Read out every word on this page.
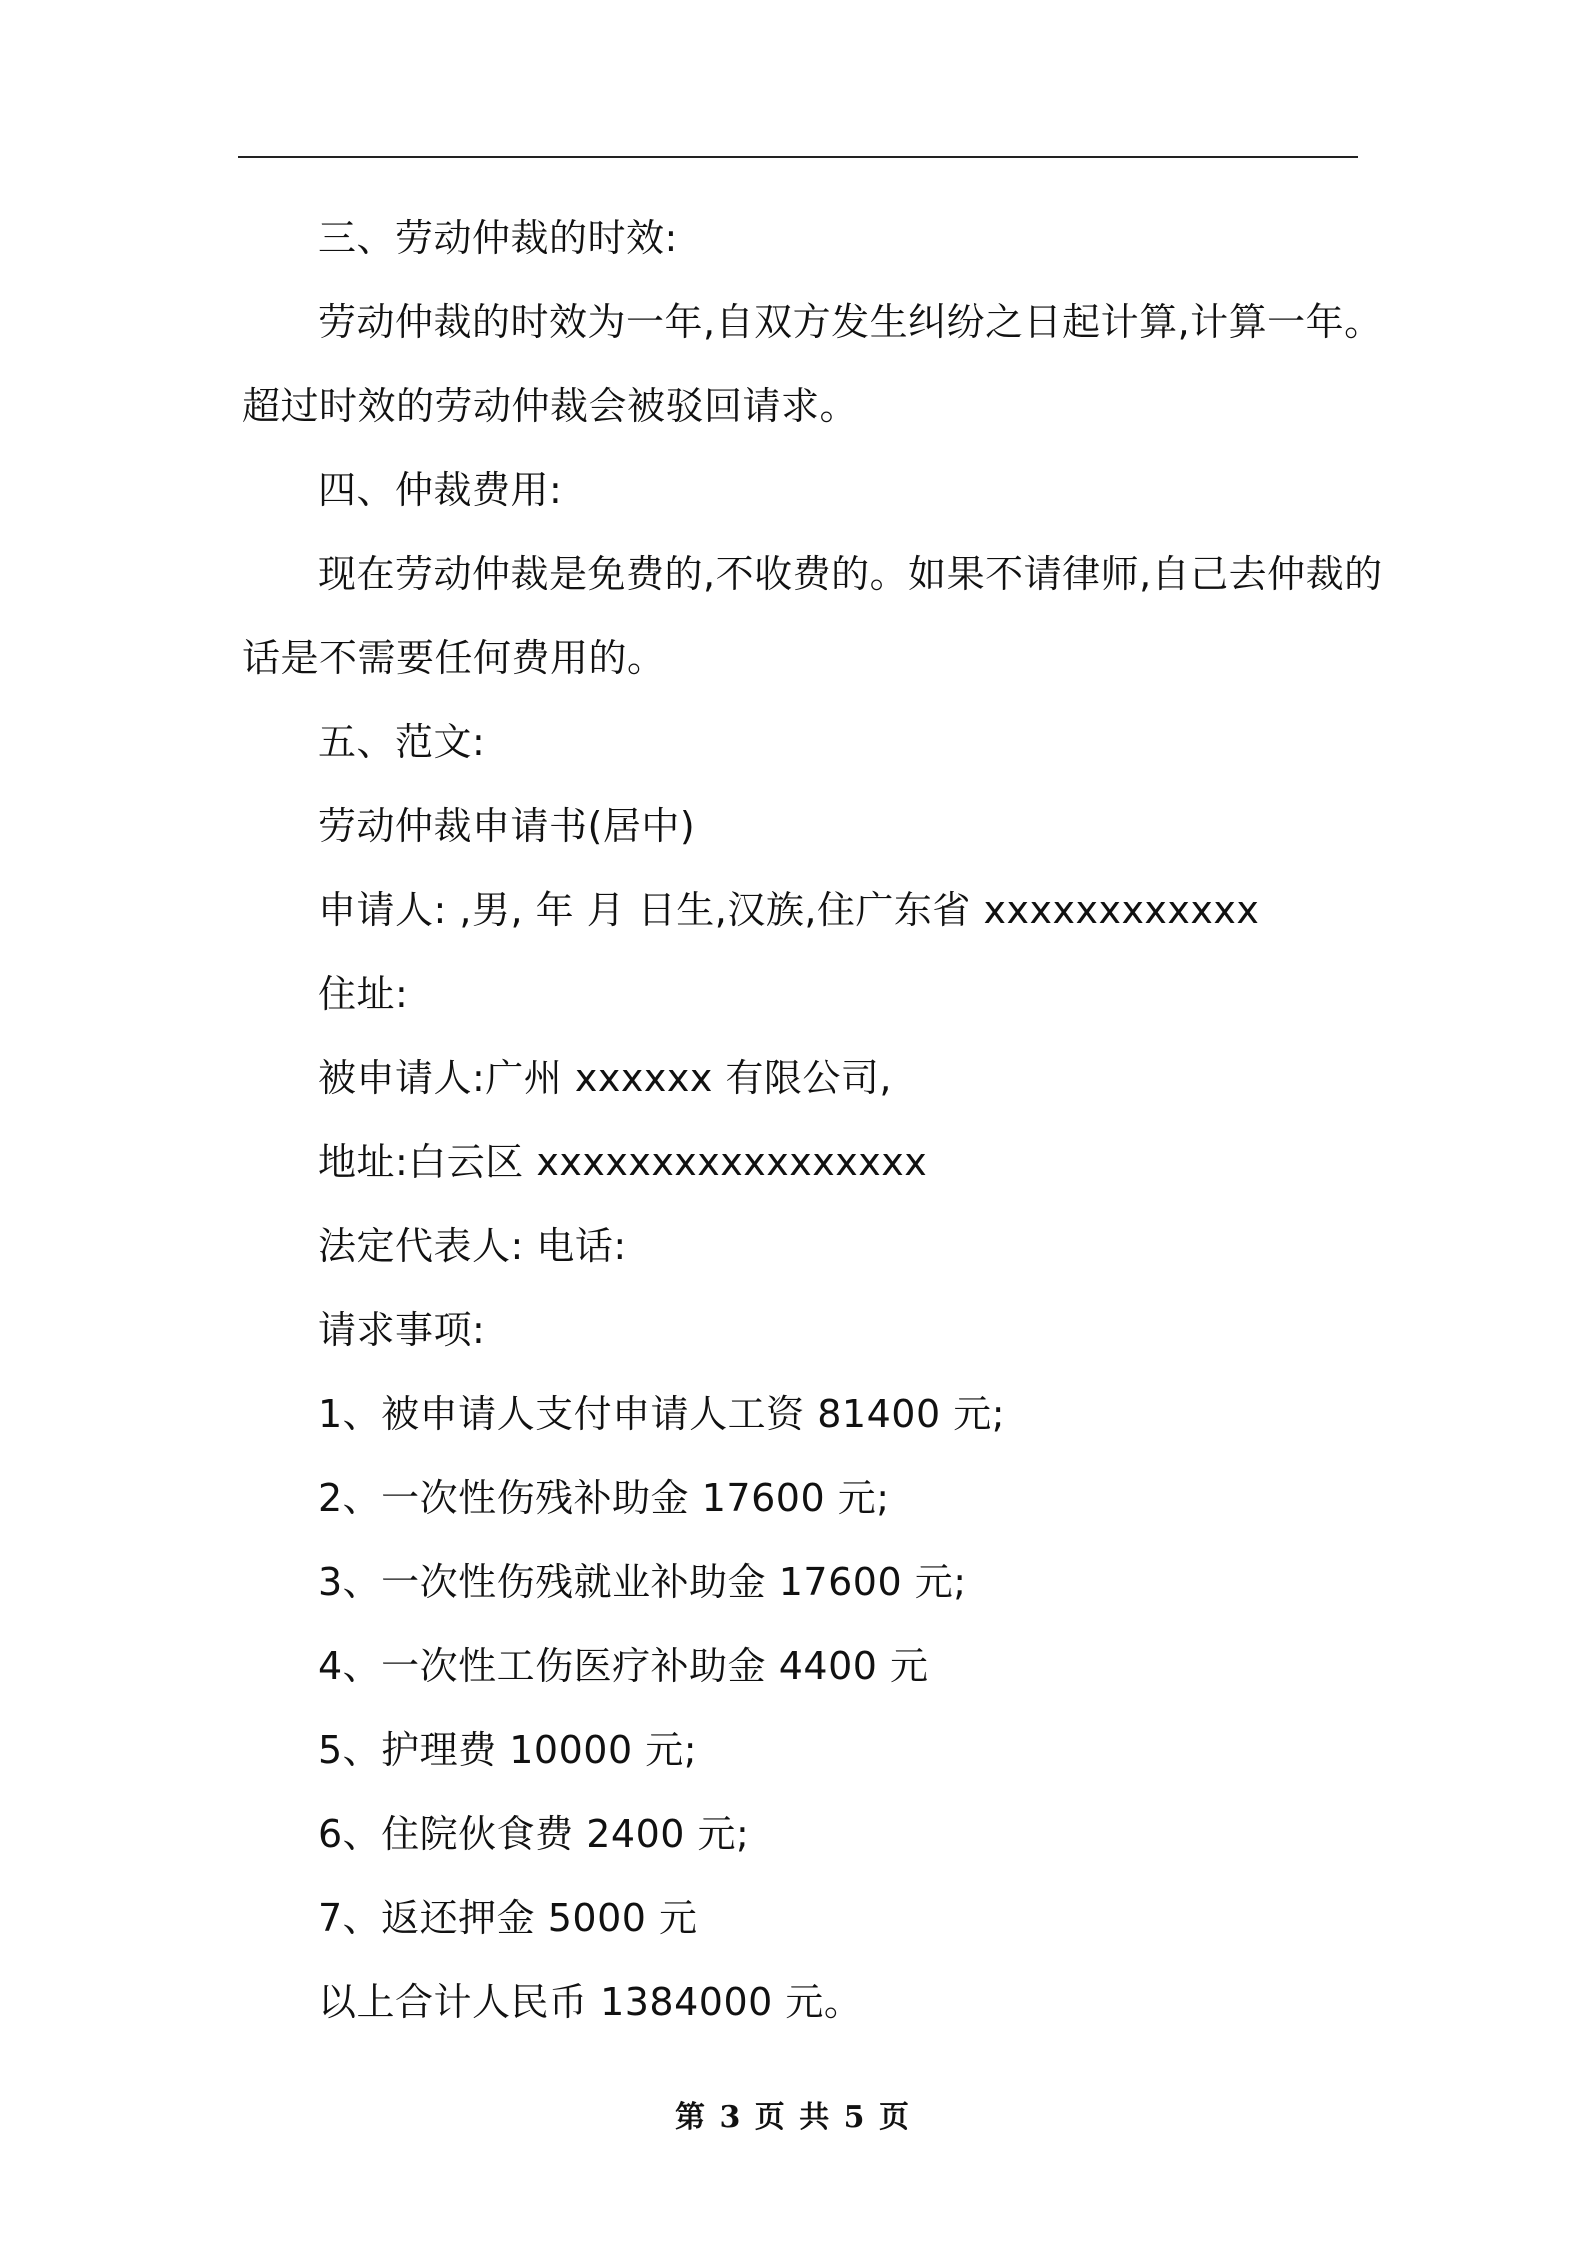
三、劳动仲裁的时效:
劳动仲裁的时效为一年,自双方发生纠纷之日起计算,计算一年。
超过时效的劳动仲裁会被驳回请求。
四、仲裁费用:
现在劳动仲裁是免费的,不收费的。如果不请律师,自己去仲裁的
话是不需要任何费用的。
五、范文:
劳动仲裁申请书(居中)
申请人: ,男, 年 月 日生,汉族,住广东省 xxxxxxxxxxxx
住址:
被申请人:广州 xxxxxx 有限公司,
地址:白云区 xxxxxxxxxxxxxxxxx
法定代表人: 电话:
请求事项:
1、被申请人支付申请人工资 81400 元;
2、一次性伤残补助金 17600 元;
3、一次性伤残就业补助金 17600 元;
4、一次性工伤医疗补助金 4400 元
5、护理费 10000 元;
6、住院伙食费 2400 元;
7、返还押金 5000 元
以上合计人民币 1384000 元。
第 3 页 共 5 页
